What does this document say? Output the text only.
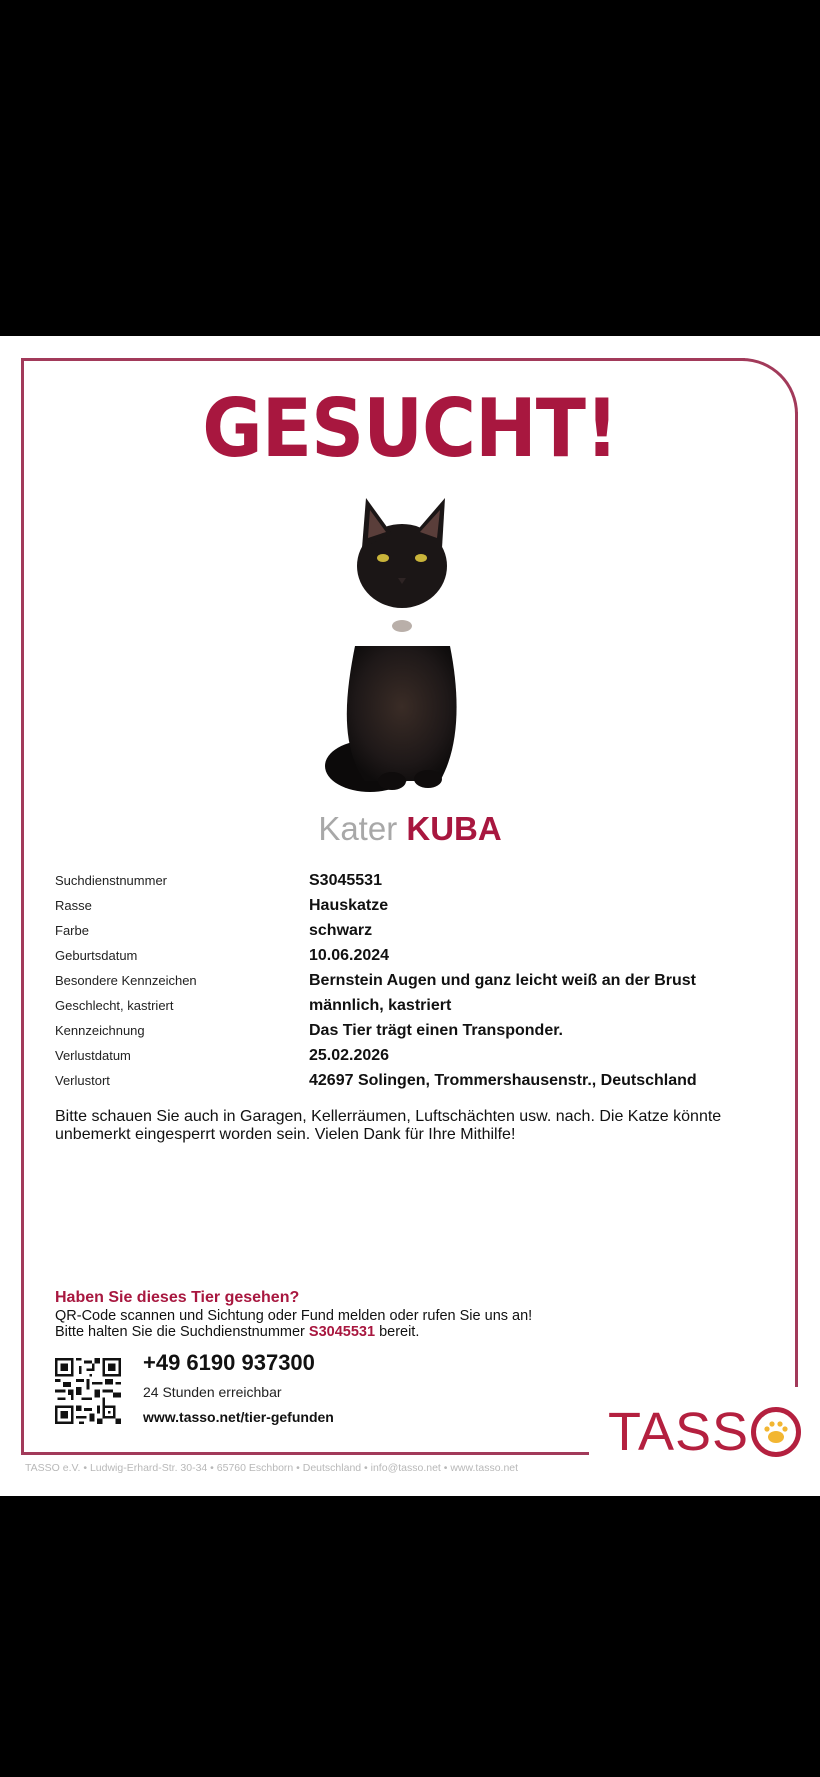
GESUCHT!
Kater KUBA
Suchdienstnummer	S3045531
Rasse	Hauskatze
Farbe	schwarz
Geburtsdatum	10.06.2024
Besondere Kennzeichen	Bernstein Augen und ganz leicht weiß an der Brust
Geschlecht, kastriert	männlich, kastriert
Kennzeichnung	Das Tier trägt einen Transponder.
Verlustdatum	25.02.2026
Verlustort	42697 Solingen, Trommershausenstr., Deutschland
Bitte schauen Sie auch in Garagen, Kellerräumen, Luftschächten usw. nach. Die Katze könnte unbemerkt eingesperrt worden sein. Vielen Dank für Ihre Mithilfe!
Haben Sie dieses Tier gesehen?
QR-Code scannen und Sichtung oder Fund melden oder rufen Sie uns an!
Bitte halten Sie die Suchdienstnummer S3045531 bereit.
+49 6190 937300
24 Stunden erreichbar
www.tasso.net/tier-gefunden	TASS
TASSO e.V. • Ludwig-Erhard-Str. 30-34 • 65760 Eschborn • Deutschland • info@tasso.net • www.tasso.net
